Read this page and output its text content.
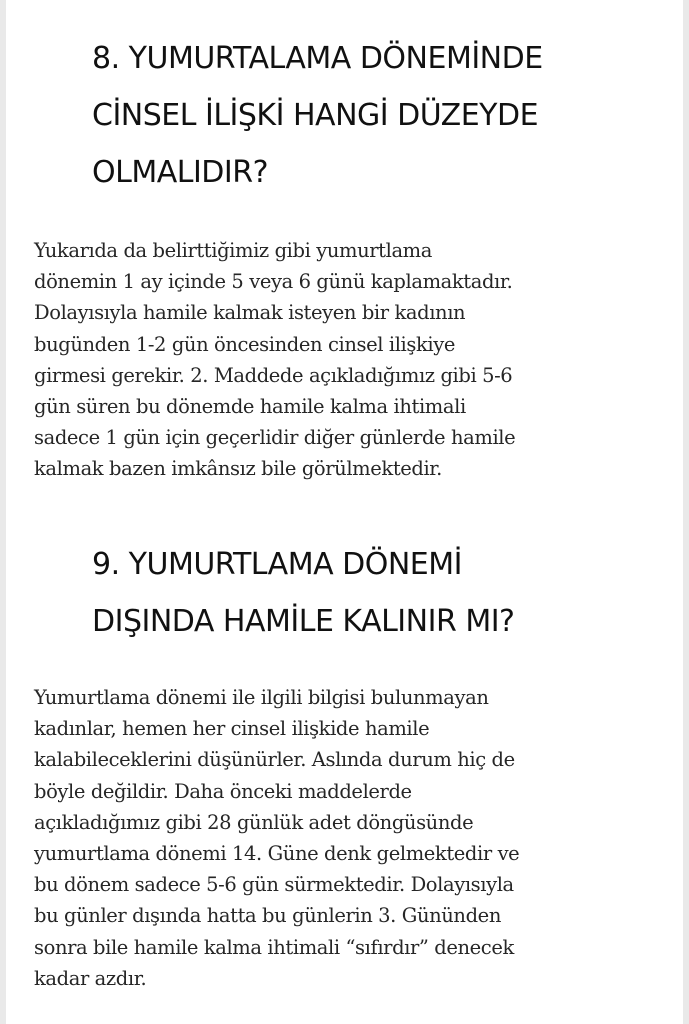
8. YUMURTALAMA DÖNEMİNDE
CİNSEL İLİŞKİ HANGİ DÜZEYDE
OLMALIDIR?

Yukarıda da belirttiğimiz gibi yumurtlama
dönemin 1 ay içinde 5 veya 6 günü kaplamaktadır.
Dolayısıyla hamile kalmak isteyen bir kadının
bugünden 1-2 gün öncesinden cinsel ilişkiye
girmesi gerekir. 2. Maddede açıkladığımız gibi 5-6
gün süren bu dönemde hamile kalma ihtimali
sadece 1 gün için geçerlidir diğer günlerde hamile
kalmak bazen imkânsız bile görülmektedir.

9. YUMURTLAMA DÖNEMİ
DIŞINDA HAMİLE KALINIR MI?

Yumurtlama dönemi ile ilgili bilgisi bulunmayan
kadınlar, hemen her cinsel ilişkide hamile
kalabileceklerini düşünürler. Aslında durum hiç de
böyle değildir. Daha önceki maddelerde
açıkladığımız gibi 28 günlük adet döngüsünde
yumurtlama dönemi 14. Güne denk gelmektedir ve
bu dönem sadece 5-6 gün sürmektedir. Dolayısıyla
bu günler dışında hatta bu günlerin 3. Gününden
sonra bile hamile kalma ihtimali “sıfırdır” denecek
kadar azdır.
